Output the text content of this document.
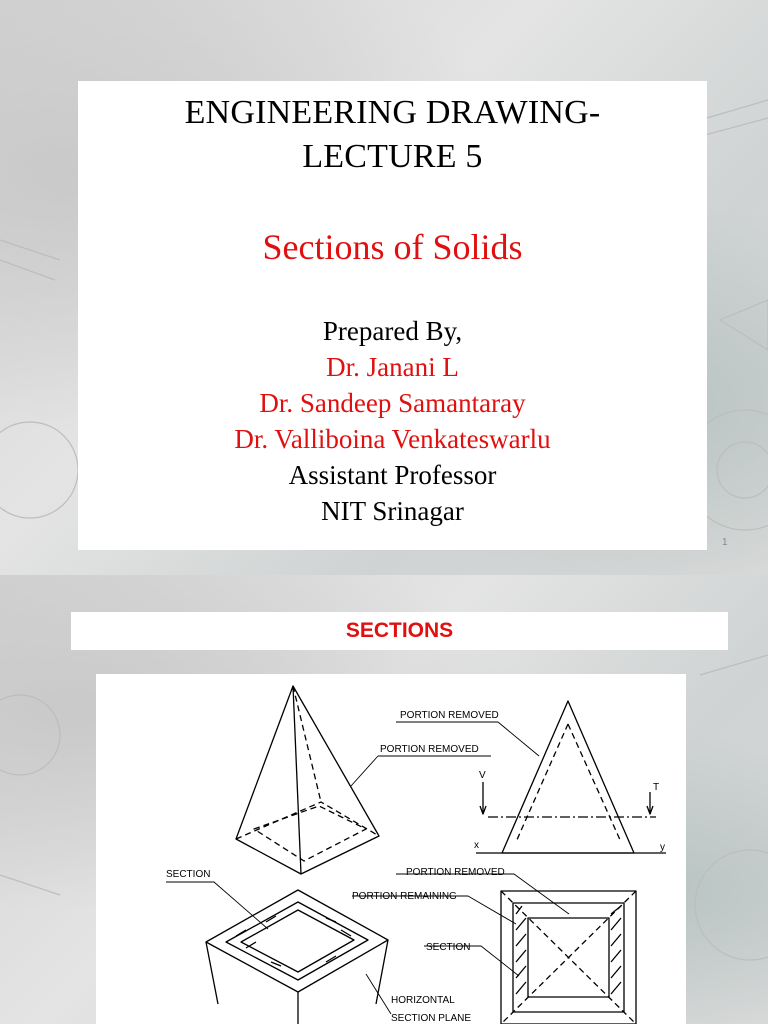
ENGINEERING DRAWING-
LECTURE 5
Sections of Solids
Prepared By,
Dr. Janani L
Dr. Sandeep Samantaray
Dr. Valliboina Venkateswarlu
Assistant Professor
NIT Srinagar
1
SECTIONS
PORTION REMOVED
PORTION REMOVED
V
T
x	y
SECTION	PORTION REMOVED
PORTION REMAINING
SECTION
HORIZONTAL
SECTION PLANE
